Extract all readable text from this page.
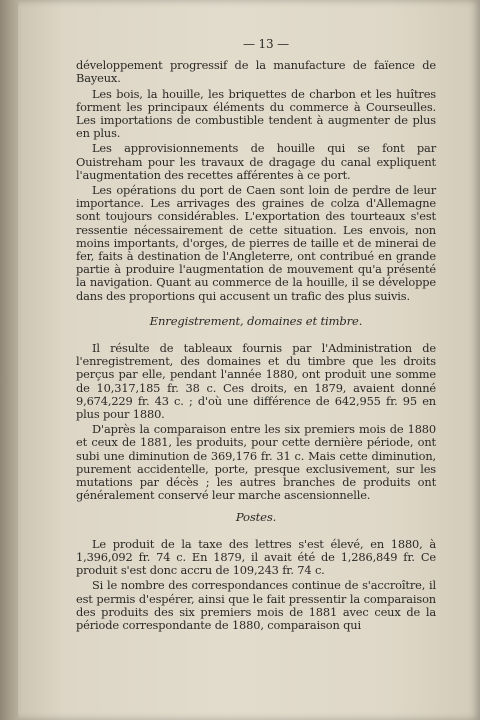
— 13 —

développement progressif de la manufacture de faïence de Bayeux.

Les bois, la houille, les briquettes de charbon et les huîtres forment les principaux éléments du commerce à Courseulles. Les importations de combustible tendent à augmenter de plus en plus.

Les approvisionnements de houille qui se font par Ouistreham pour les travaux de dragage du canal expliquent l'augmentation des recettes afférentes à ce port.

Les opérations du port de Caen sont loin de perdre de leur importance. Les arrivages des graines de colza d'Allemagne sont toujours considérables. L'exportation des tourteaux s'est ressentie nécessairement de cette situation. Les envois, non moins importants, d'orges, de pierres de taille et de minerai de fer, faits à destination de l'Angleterre, ont contribué en grande partie à produire l'augmentation de mouvement qu'a présenté la navigation. Quant au commerce de la houille, il se développe dans des proportions qui accusent un trafic des plus suivis.

Enregistrement, domaines et timbre.

Il résulte de tableaux fournis par l'Administration de l'enregistrement, des domaines et du timbre que les droits perçus par elle, pendant l'année 1880, ont produit une somme de 10,317,185 fr. 38 c. Ces droits, en 1879, avaient donné 9,674,229 fr. 43 c. ; d'où une différence de 642,955 fr. 95 en plus pour 1880.

D'après la comparaison entre les six premiers mois de 1880 et ceux de 1881, les produits, pour cette dernière période, ont subi une diminution de 369,176 fr. 31 c. Mais cette diminution, purement accidentelle, porte, presque exclusivement, sur les mutations par décès ; les autres branches de produits ont généralement conservé leur marche ascensionnelle.

Postes.

Le produit de la taxe des lettres s'est élevé, en 1880, à 1,396,092 fr. 74 c. En 1879, il avait été de 1,286,849 fr. Ce produit s'est donc accru de 109,243 fr. 74 c.

Si le nombre des correspondances continue de s'accroître, il est permis d'espérer, ainsi que le fait pressentir la comparaison des produits des six premiers mois de 1881 avec ceux de la période correspondante de 1880, comparaison qui
